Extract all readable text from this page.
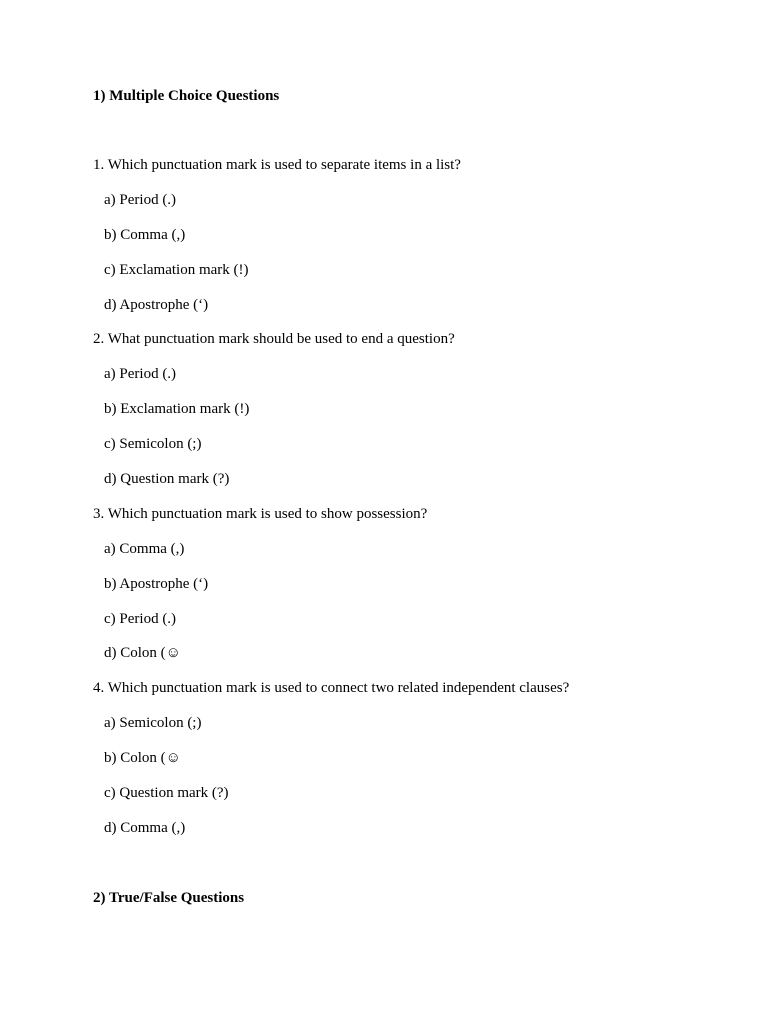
1) Multiple Choice Questions
1. Which punctuation mark is used to separate items in a list?
a) Period (.)
b) Comma (,)
c) Exclamation mark (!)
d) Apostrophe (‘)
2. What punctuation mark should be used to end a question?
a) Period (.)
b) Exclamation mark (!)
c) Semicolon (;)
d) Question mark (?)
3. Which punctuation mark is used to show possession?
a) Comma (,)
b) Apostrophe (‘)
c) Period (.)
d) Colon (☺
4. Which punctuation mark is used to connect two related independent clauses?
a) Semicolon (;)
b) Colon (☺
c) Question mark (?)
d) Comma (,)
2) True/False Questions
